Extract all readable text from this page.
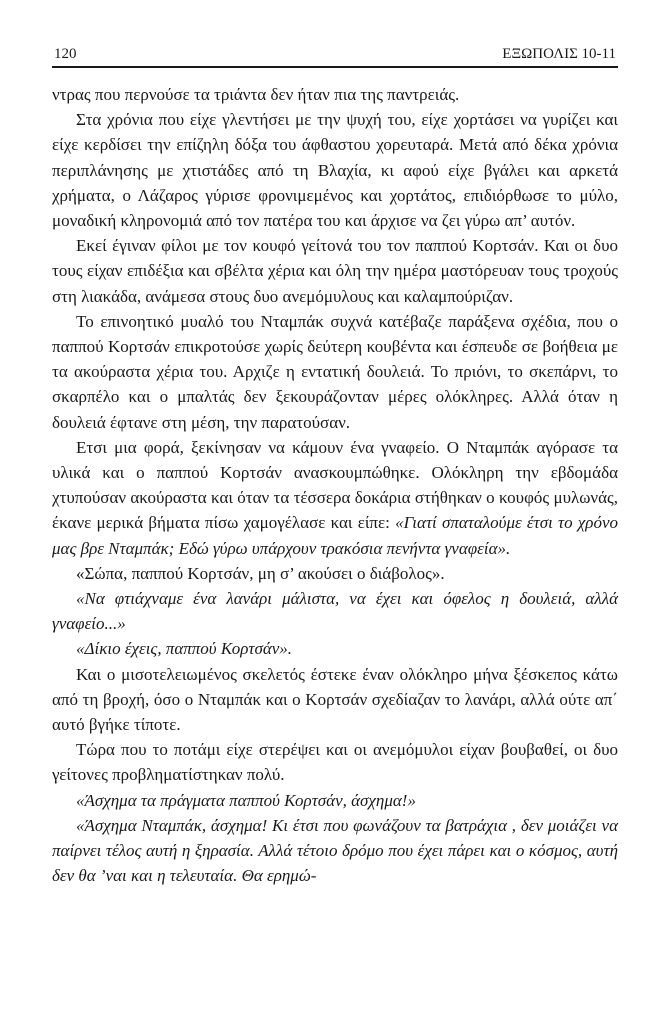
120	ΕΞΩΠΟΛΙΣ 10-11

ντρας που περνούσε τα τριάντα δεν ήταν πια της παντρειάς.

Στα χρόνια που είχε γλεντήσει με την ψυχή του, είχε χορτάσει να γυρίζει και είχε κερδίσει την επίζηλη δόξα του άφθαστου χορευταρά. Μετά από δέκα χρόνια περιπλάνησης με χτιστάδες από τη Βλαχία, κι αφού είχε βγάλει και αρκετά χρήματα, ο Λάζαρος γύρισε φρονιμεμένος και χορτάτος, επιδιόρθωσε το μύλο, μοναδική κληρονομιά από τον πατέρα του και άρχισε να ζει γύρω απ’ αυτόν.

Εκεί έγιναν φίλοι με τον κουφό γείτονά του τον παππού Κορτσάν. Και οι δυο τους είχαν επιδέξια και σβέλτα χέρια και όλη την ημέρα μαστόρευαν τους τροχούς στη λιακάδα, ανάμεσα στους δυο ανεμόμυλους και καλαμπούριζαν.

Το επινοητικό μυαλό του Νταμπάκ συχνά κατέβαζε παράξενα σχέδια, που ο παππού Κορτσάν επικροτούσε χωρίς δεύτερη κουβέντα και έσπευδε σε βοήθεια με τα ακούραστα χέρια του. Αρχιζε η εντατική δουλειά. Το πριόνι, το σκεπάρνι, το σκαρπέλο και ο μπαλτάς δεν ξεκουράζονταν μέρες ολόκληρες. Αλλά όταν η δουλειά έφτανε στη μέση, την παρατούσαν.

Ετσι μια φορά, ξεκίνησαν να κάμουν ένα γναφείο. Ο Νταμπάκ αγόρασε τα υλικά και ο παππού Κορτσάν ανασκουμπώθηκε. Ολόκληρη την εβδομάδα χτυπούσαν ακούραστα και όταν τα τέσσερα δοκάρια στήθηκαν ο κουφός μυλωνάς, έκανε μερικά βήματα πίσω χαμογέλασε και είπε: «Γιατί σπαταλούμε έτσι το χρόνο μας βρε Νταμπάκ; Εδώ γύρω υπάρχουν τρακόσια πενήντα γναφεία».

«Σώπα, παππού Κορτσάν, μη σ’ ακούσει ο διάβολος».

«Να φτιάχναμε ένα λανάρι μάλιστα, να έχει και όφελος η δουλειά, αλλά γναφείο...»

«Δίκιο έχεις, παππού Κορτσάν».

Και ο μισοτελειωμένος σκελετός έστεκε έναν ολόκληρο μήνα ξέσκεπος κάτω από τη βροχή, όσο ο Νταμπάκ και ο Κορτσάν σχεδίαζαν το λανάρι, αλλά ούτε απ΄ αυτό βγήκε τίποτε.

Τώρα που το ποτάμι είχε στερέψει και οι ανεμόμυλοι είχαν βουβαθεί, οι δυο γείτονες προβληματίστηκαν πολύ.

«Άσχημα τα πράγματα παππού Κορτσάν, άσχημα!»

«Άσχημα Νταμπάκ, άσχημα! Κι έτσι που φωνάζουν τα βατράχια , δεν μοιάζει να παίρνει τέλος αυτή η ξηρασία. Αλλά τέτοιο δρόμο που έχει πάρει και ο κόσμος, αυτή δεν θα ’ναι και η τελευταία. Θα ερημώ-
